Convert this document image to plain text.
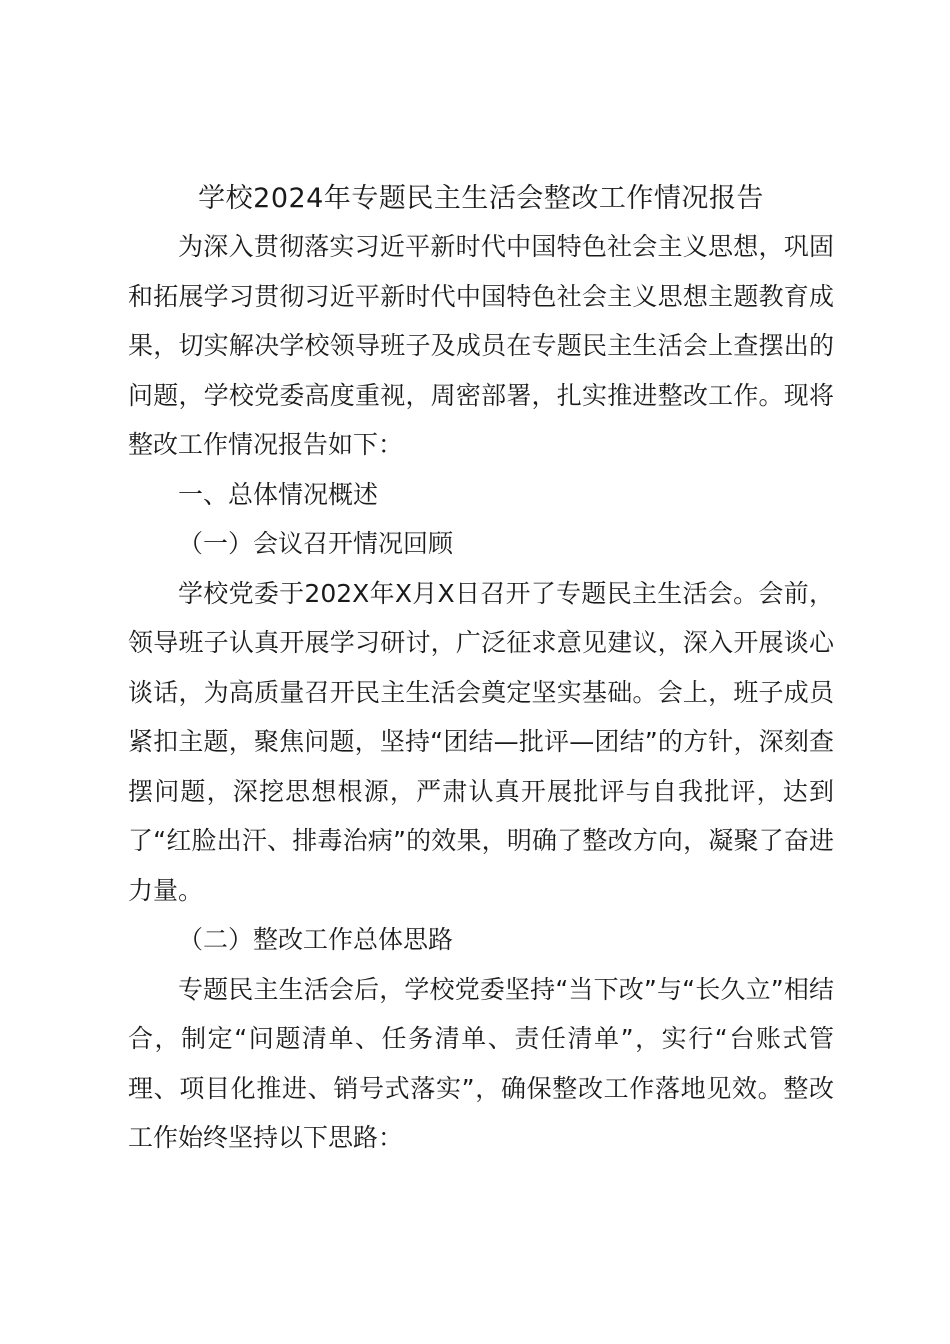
学校2024年专题民主生活会整改工作情况报告

为深入贯彻落实习近平新时代中国特色社会主义思想，巩固和拓展学习贯彻习近平新时代中国特色社会主义思想主题教育成果，切实解决学校领导班子及成员在专题民主生活会上查摆出的问题，学校党委高度重视，周密部署，扎实推进整改工作。现将整改工作情况报告如下：

一、总体情况概述

（一）会议召开情况回顾

学校党委于202X年X月X日召开了专题民主生活会。会前，领导班子认真开展学习研讨，广泛征求意见建议，深入开展谈心谈话，为高质量召开民主生活会奠定坚实基础。会上，班子成员紧扣主题，聚焦问题，坚持“团结—批评—团结”的方针，深刻查摆问题，深挖思想根源，严肃认真开展批评与自我批评，达到了“红脸出汗、排毒治病”的效果，明确了整改方向，凝聚了奋进力量。

（二）整改工作总体思路

专题民主生活会后，学校党委坚持“当下改”与“长久立”相结合，制定“问题清单、任务清单、责任清单”，实行“台账式管理、项目化推进、销号式落实”，确保整改工作落地见效。整改工作始终坚持以下思路：
